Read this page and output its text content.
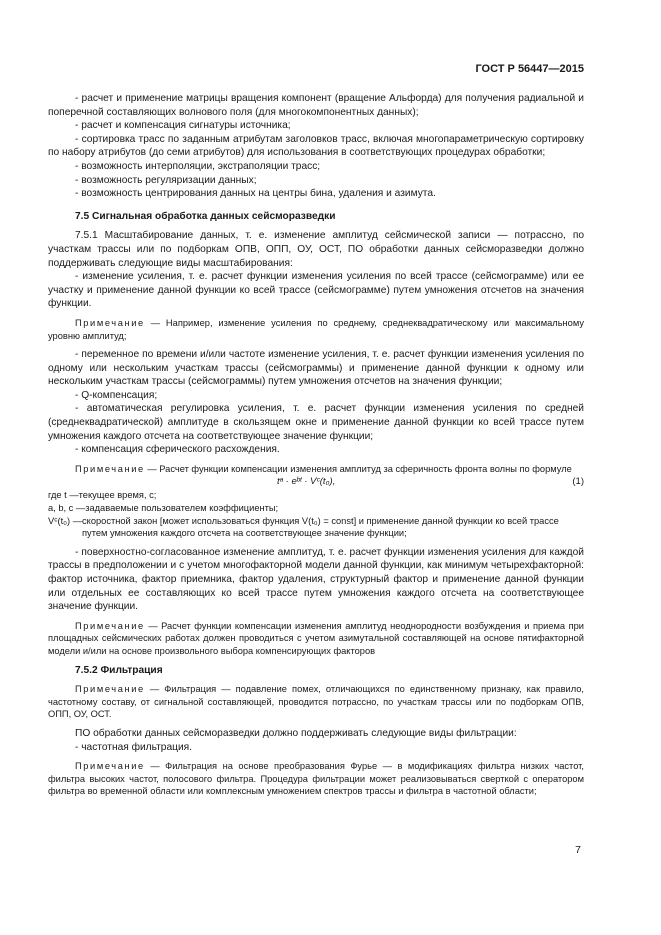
ГОСТ Р 56447—2015

- расчет и применение матрицы вращения компонент (вращение Альфорда) для получения радиальной и поперечной составляющих волнового поля (для многокомпонентных данных);

- расчет и компенсация сигнатуры источника;

- сортировка трасс по заданным атрибутам заголовков трасс, включая многопараметрическую сортировку по набору атрибутов (до семи атрибутов) для использования в соответствующих процедурах обработки;

- возможность интерполяции, экстраполяции трасс;

- возможность регуляризации данных;

- возможность центрирования данных на центры бина, удаления и азимута.

7.5 Сигнальная обработка данных сейсморазведки

7.5.1 Масштабирование данных, т. е. изменение амплитуд сейсмической записи — потрассно, по участкам трассы или по подборкам ОПВ, ОПП, ОУ, ОСТ, ПО обработки данных сейсморазведки должно поддерживать следующие виды масштабирования:

- изменение усиления, т. е. расчет функции изменения усиления по всей трассе (сейсмограмме) или ее участку и применение данной функции ко всей трассе (сейсмограмме) путем умножения отсчетов на значения функции.

Примечание — Например, изменение усиления по среднему, среднеквадратическому или максимальному уровню амплитуд;

- переменное по времени и/или частоте изменение усиления, т. е. расчет функции изменения усиления по одному или нескольким участкам трассы (сейсмограммы) и применение данной функции к одному или нескольким участкам трассы (сейсмограммы) путем умножения отсчетов на значения функции;

- Q-компенсация;

- автоматическая регулировка усиления, т. е. расчет функции изменения усиления по средней (среднеквадратической) амплитуде в скользящем окне и применение данной функции ко всей трассе путем умножения каждого отсчета на соответствующее значение функции;

- компенсация сферического расхождения.

Примечание — Расчет функции компенсации изменения амплитуд за сферичность фронта волны по формуле

tᵃ · eᵇᵗ · Vᶜ(t₀),	(1)
где t — текущее время, с;
a, b, c — задаваемые пользователем коэффициенты;
Vᶜ(t₀) — скоростной закон [может использоваться функция V(t₀) = const] и применение данной функции ко всей трассе путем умножения каждого отсчета на соответствующее значение функции;

- поверхностно-согласованное изменение амплитуд, т. е. расчет функции изменения усиления для каждой трассы в предположении и с учетом многофакторной модели данной функции, как минимум четырехфакторной: фактор источника, фактор приемника, фактор удаления, структурный фактор и применение данной функции или отдельных ее составляющих ко всей трассе путем умножения каждого отсчета на соответствующее значение функции.

Примечание — Расчет функции компенсации изменения амплитуд неоднородности возбуждения и приема при площадных сейсмических работах должен проводиться с учетом азимутальной составляющей на основе пятифакторной модели и/или на основе произвольного выбора компенсирующих факторов

7.5.2 Фильтрация

Примечание — Фильтрация — подавление помех, отличающихся по единственному признаку, как правило, частотному составу, от сигнальной составляющей, проводится потрассно, по участкам трассы или по подборкам ОПВ, ОПП, ОУ, ОСТ.

ПО обработки данных сейсморазведки должно поддерживать следующие виды фильтрации:

- частотная фильтрация.

Примечание — Фильтрация на основе преобразования Фурье — в модификациях фильтра низких частот, фильтра высоких частот, полосового фильтра. Процедура фильтрации может реализовываться сверткой с оператором фильтра во временной области или комплексным умножением спектров трассы и фильтра в частотной области;

7
